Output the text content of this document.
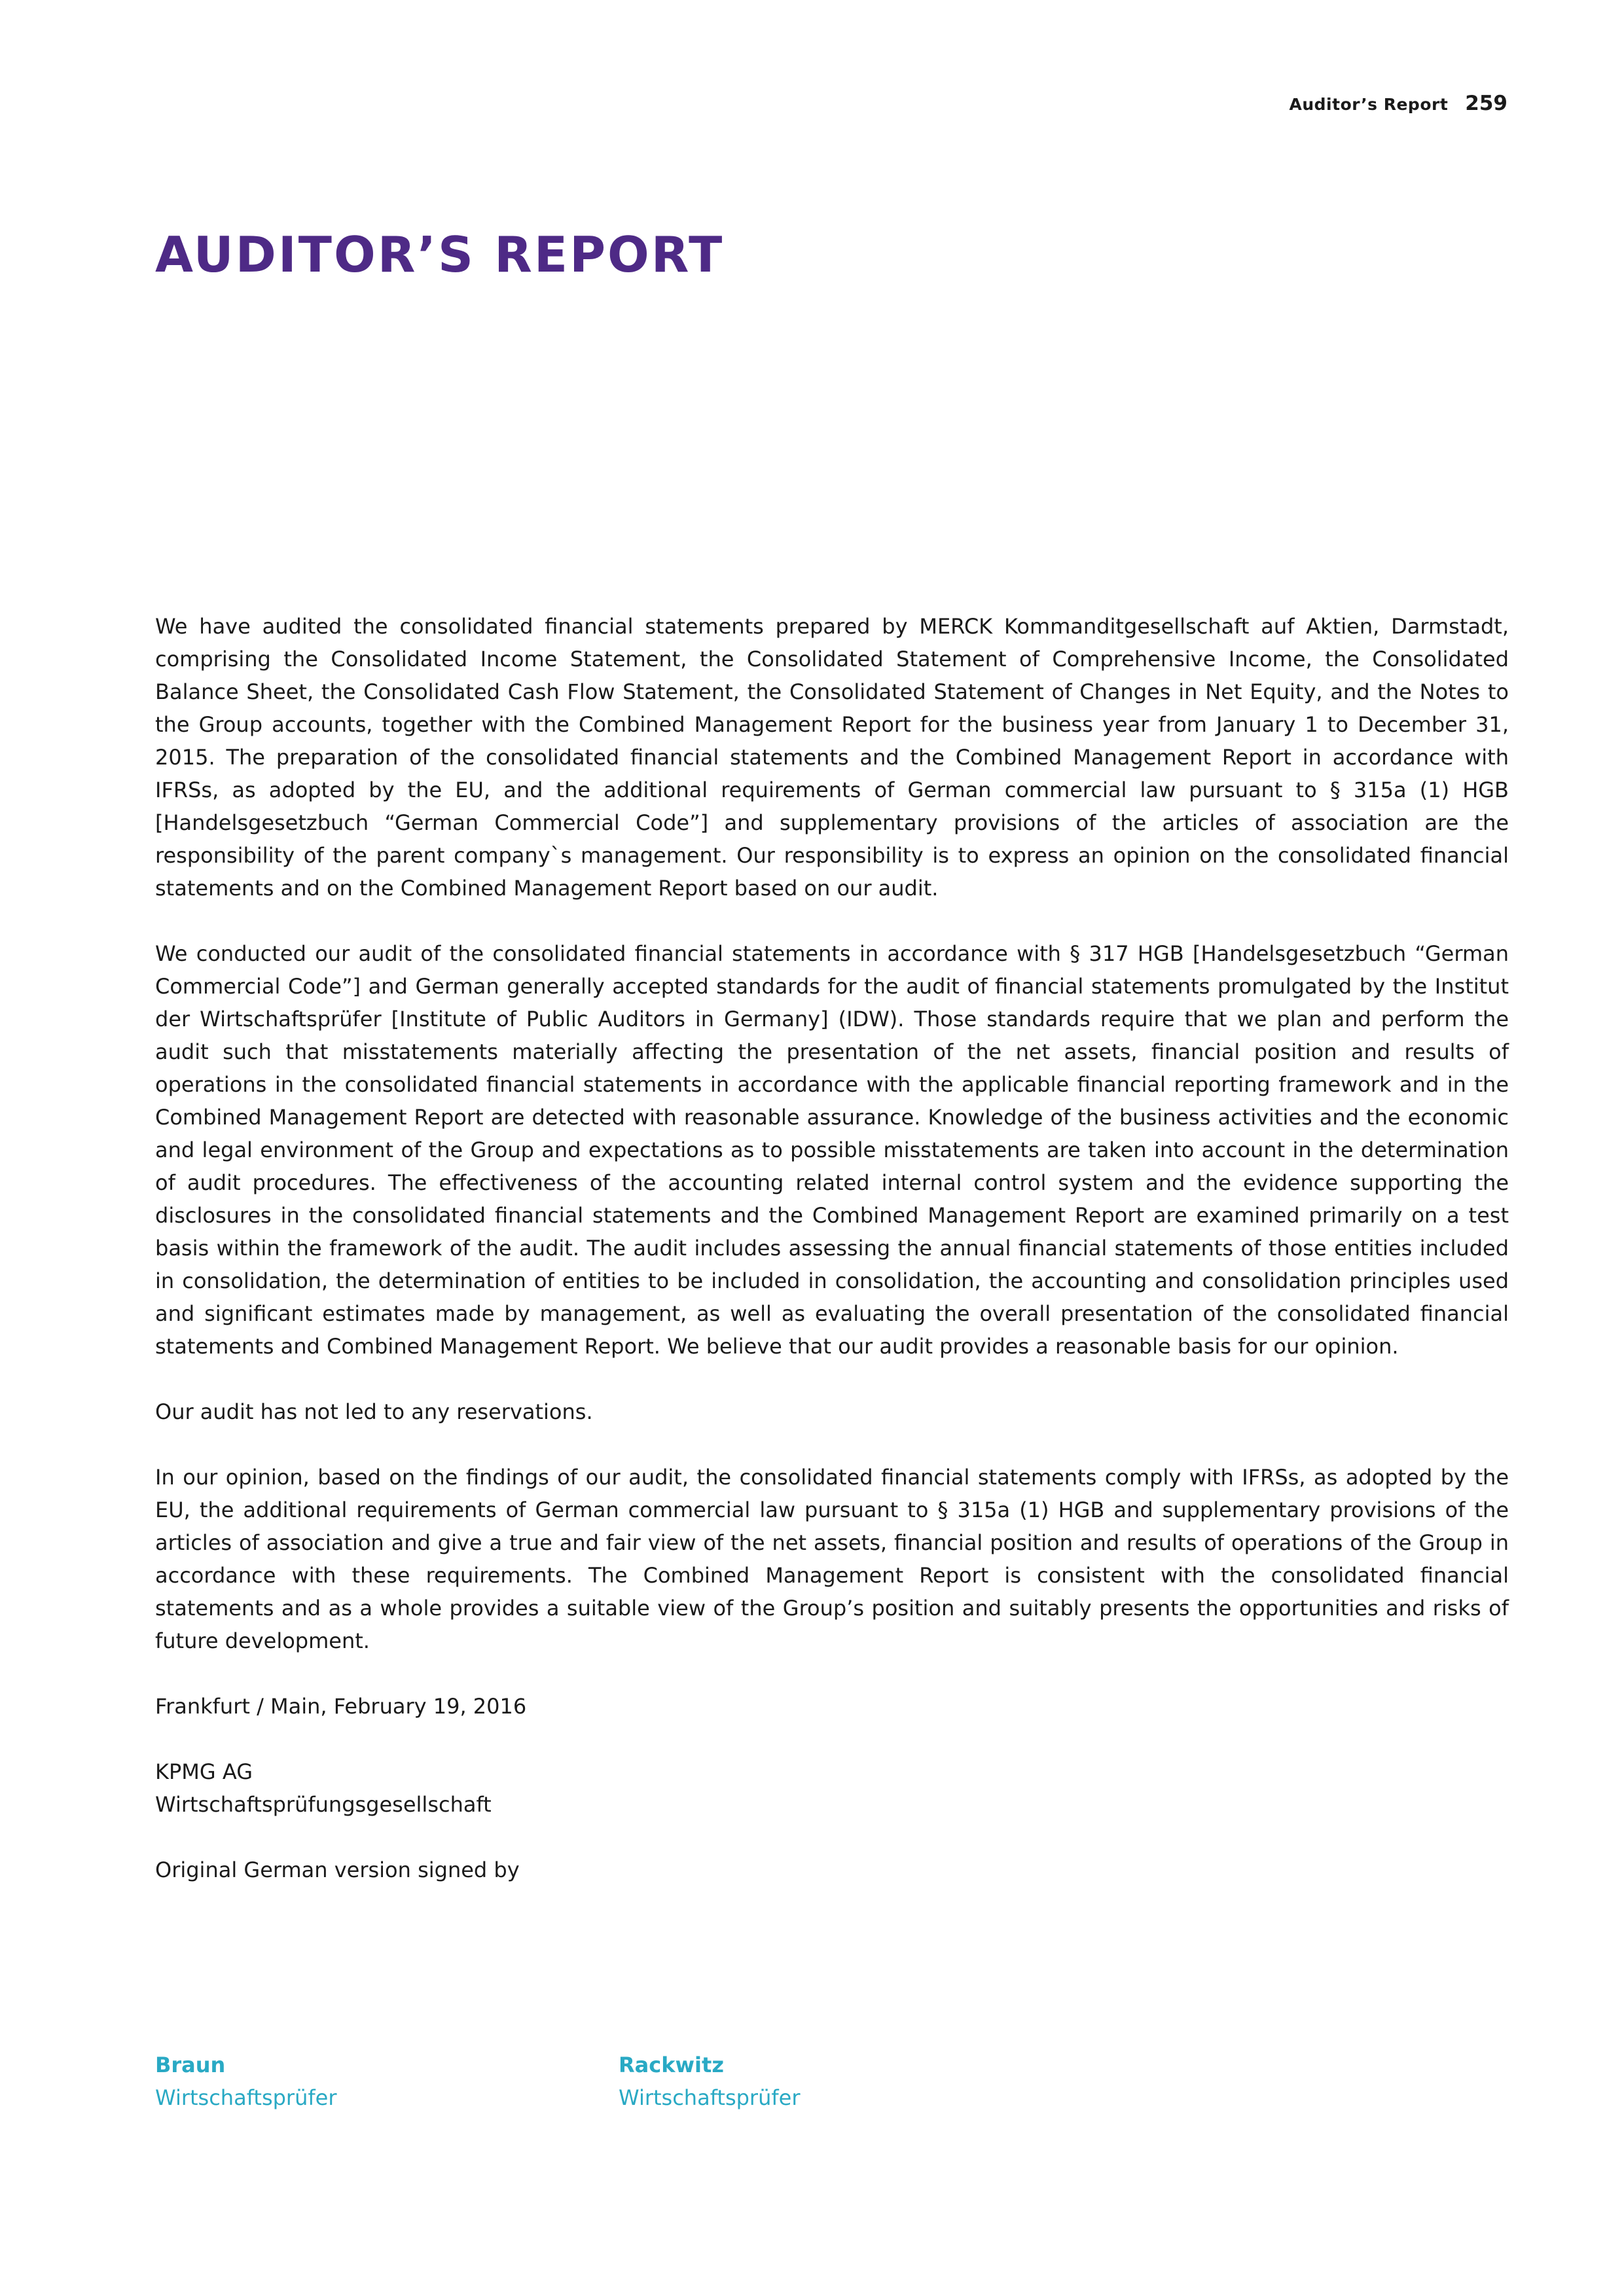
Auditor’s Report 259
AUDITOR’S REPORT

We have audited the consolidated financial statements prepared by MERCK Kommanditgesellschaft auf Aktien, Darmstadt, comprising the Consolidated Income Statement, the Consolidated Statement of Comprehensive Income, the Consolidated Balance Sheet, the Consolidated Cash Flow Statement, the Consolidated Statement of Changes in Net Equity, and the Notes to the Group accounts, together with the Combined Management Report for the business year from January 1 to December 31, 2015. The preparation of the consolidated financial statements and the Combined Management Report in accordance with IFRSs, as adopted by the EU, and the additional requirements of German commercial law pursuant to § 315a (1) HGB [Handelsgesetzbuch “German Commercial Code”] and supplementary provisions of the articles of association are the responsibility of the parent company`s management. Our responsibility is to express an opinion on the consolidated financial statements and on the Combined Management Report based on our audit.

We conducted our audit of the consolidated financial statements in accordance with § 317 HGB [Handelsgesetzbuch “German Commercial Code”] and German generally accepted standards for the audit of financial statements promulgated by the Institut der Wirtschaftsprüfer [Institute of Public Auditors in Germany] (IDW). Those standards require that we plan and perform the audit such that misstatements materially affecting the presentation of the net assets, financial position and results of operations in the consolidated financial statements in accordance with the applicable financial reporting framework and in the Combined Management Report are detected with reasonable assurance. Knowledge of the business activities and the economic and legal environment of the Group and expectations as to possible misstatements are taken into account in the determination of audit procedures. The effectiveness of the accounting related internal control system and the evidence supporting the disclosures in the consolidated financial statements and the Combined Management Report are examined primarily on a test basis within the framework of the audit. The audit includes assessing the annual financial statements of those entities included in consolidation, the determination of entities to be included in consolidation, the accounting and consolidation principles used and significant estimates made by management, as well as evaluating the overall presentation of the consolidated financial statements and Combined Management Report. We believe that our audit provides a reasonable basis for our opinion.

Our audit has not led to any reservations.

In our opinion, based on the findings of our audit, the consolidated financial statements comply with IFRSs, as adopted by the EU, the additional requirements of German commercial law pursuant to § 315a (1) HGB and supplementary provisions of the articles of association and give a true and fair view of the net assets, financial position and results of operations of the Group in accordance with these requirements. The Combined Management Report is consistent with the consolidated financial statements and as a whole provides a suitable view of the Group’s position and suitably presents the opportunities and risks of future development.

Frankfurt / Main, February 19, 2016

KPMG AG
Wirtschaftsprüfungsgesellschaft

Original German version signed by

Braun
Wirtschaftsprüfer
Rackwitz
Wirtschaftsprüfer
